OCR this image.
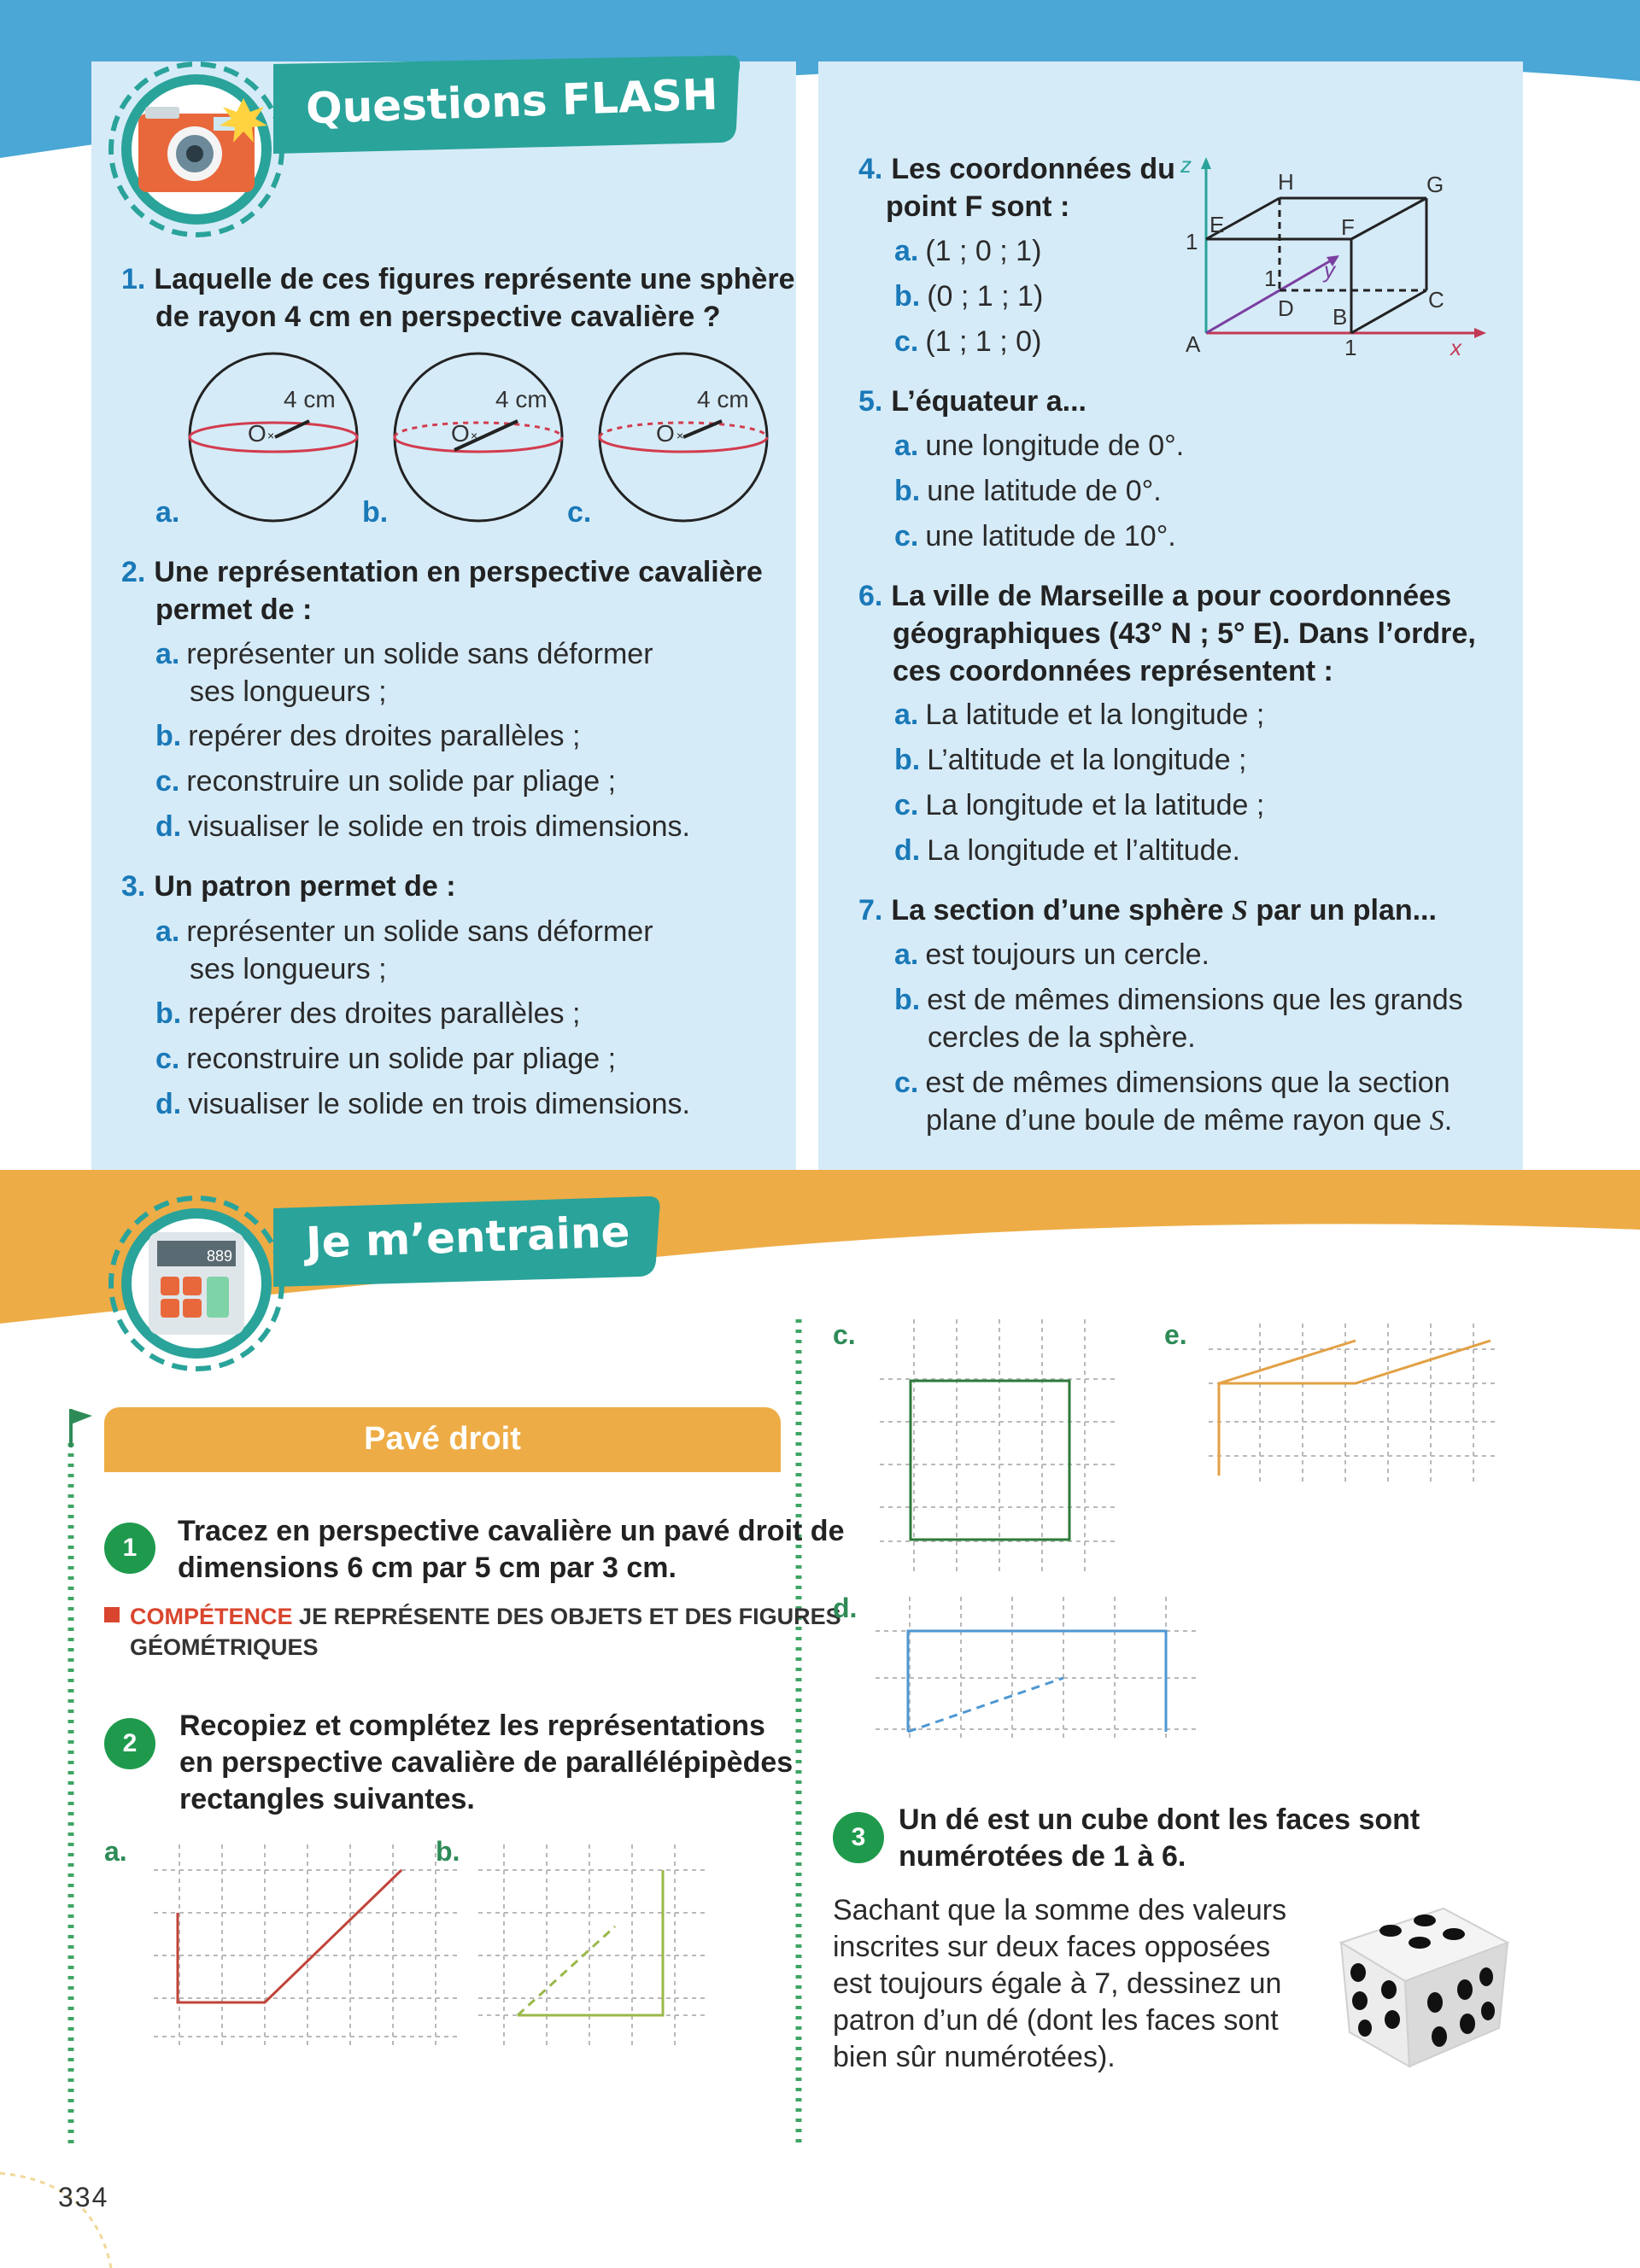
Questions FLASH
1. Laquelle de ces figures représente une sphère
de rayon 4 cm en perspective cavalière ?
4 cm
O ×
4 cm
O ×
4 cm
O ×
a.	b.	c.
2. Une représentation en perspective cavalière
permet de :
a. représenter un solide sans déformer
ses longueurs ;
b. repérer des droites parallèles ;
c. reconstruire un solide par pliage ;
d. visualiser le solide en trois dimensions.
3. Un patron permet de :
a. représenter un solide sans déformer
ses longueurs ;
b. repérer des droites parallèles ;
c. reconstruire un solide par pliage ;
d. visualiser le solide en trois dimensions.
4. Les coordonnées du
point F sont :
a. (1 ; 0 ; 1)
b. (0 ; 1 ; 1)
c. (1 ; 1 ; 0)
z
y
x
A
B
C
D
E	F
G
H
1
1
1
5. L’équateur a...
a. une longitude de 0°.
b. une latitude de 0°.
c. une latitude de 10°.
6. La ville de Marseille a pour coordonnées
géographiques (43° N ; 5° E). Dans l’ordre,
ces coordonnées représentent :
a. La latitude et la longitude ;
b. L’altitude et la longitude ;
c. La longitude et la latitude ;
d. La longitude et l’altitude.
7. La section d’une sphère S par un plan...
a. est toujours un cercle.
b. est de mêmes dimensions que les grands
cercles de la sphère.
c. est de mêmes dimensions que la section
plane d’une boule de même rayon que S.
889 Je m’entraine
Pavé droit
1
Tracez en perspective cavalière un pavé droit de
dimensions 6 cm par 5 cm par 3 cm.
COMPÉTENCE JE REPRÉSENTE DES OBJETS ET DES FIGURES
GÉOMÉTRIQUES
2
Recopiez et complétez les représentations
en perspective cavalière de parallélépipèdes
rectangles suivantes.
a.	b.
c.
d.
e.
3
Un dé est un cube dont les faces sont
numérotées de 1 à 6.
Sachant que la somme des valeurs
inscrites sur deux faces opposées
est toujours égale à 7, dessinez un
patron d’un dé (dont les faces sont
bien sûr numérotées).
334
